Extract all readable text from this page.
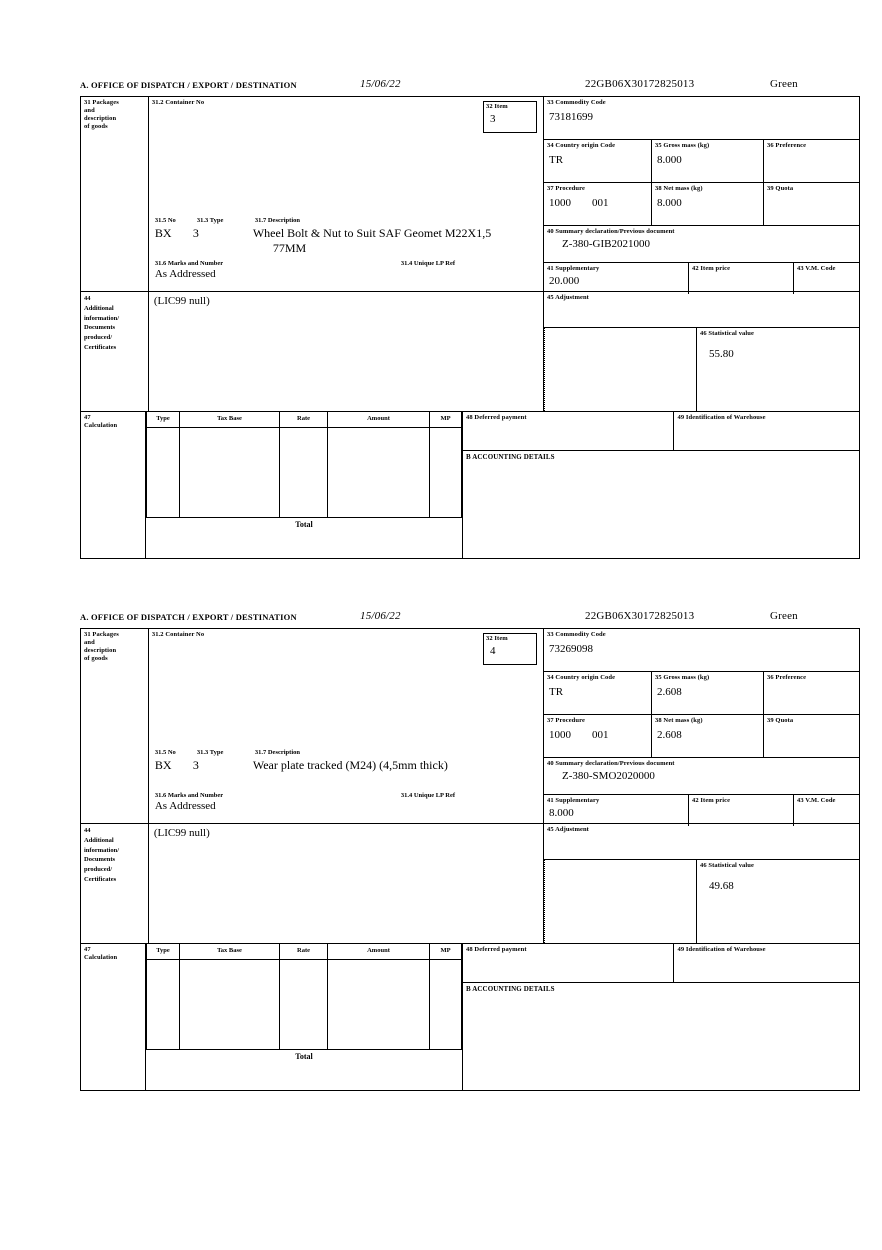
A. OFFICE OF DISPATCH / EXPORT / DESTINATION	15/06/22	22GB06X30172825013	Green
31 Packages
and
description
of goods
31.2 Container No
32 Item
3
31.5 No	31.3 Type	31.7 Description
BX 3	Wheel Bolt & Nut to Suit SAF Geomet M22X1,5
77MM
31.6 Marks and Number	31.4 Unique LP Ref
As Addressed
33 Commodity Code
73181699
34 Country origin Code
TR
35 Gross mass (kg)
8.000
36 Preference
37 Procedure
1000 001
38 Net mass (kg)
8.000
39 Quota
40 Summary declaration/Previous document
Z-380-GIB2021000
41 Supplementary
20.000
42 Item price	43 V.M. Code
44
Additional
information/
Documents
produced/
Certificates
(LIC99 null)	45 Adjustment
46 Statistical value
55.80
47
Calculation
Type	Tax Base	Rate	Amount	MP
Total
48 Deferred payment	49 Identification of Warehouse
B ACCOUNTING DETAILS
A. OFFICE OF DISPATCH / EXPORT / DESTINATION	15/06/22	22GB06X30172825013	Green
31 Packages
and
description
of goods
31.2 Container No
32 Item
4
31.5 No	31.3 Type	31.7 Description
BX 3	Wear plate tracked (M24) (4,5mm thick)
31.6 Marks and Number	31.4 Unique LP Ref
As Addressed
33 Commodity Code
73269098
34 Country origin Code
TR
35 Gross mass (kg)
2.608
36 Preference
37 Procedure
1000 001
38 Net mass (kg)
2.608
39 Quota
40 Summary declaration/Previous document
Z-380-SMO2020000
41 Supplementary
8.000
42 Item price	43 V.M. Code
44
Additional
information/
Documents
produced/
Certificates
(LIC99 null)	45 Adjustment
46 Statistical value
49.68
47
Calculation
Type	Tax Base	Rate	Amount	MP
Total
48 Deferred payment	49 Identification of Warehouse
B ACCOUNTING DETAILS
